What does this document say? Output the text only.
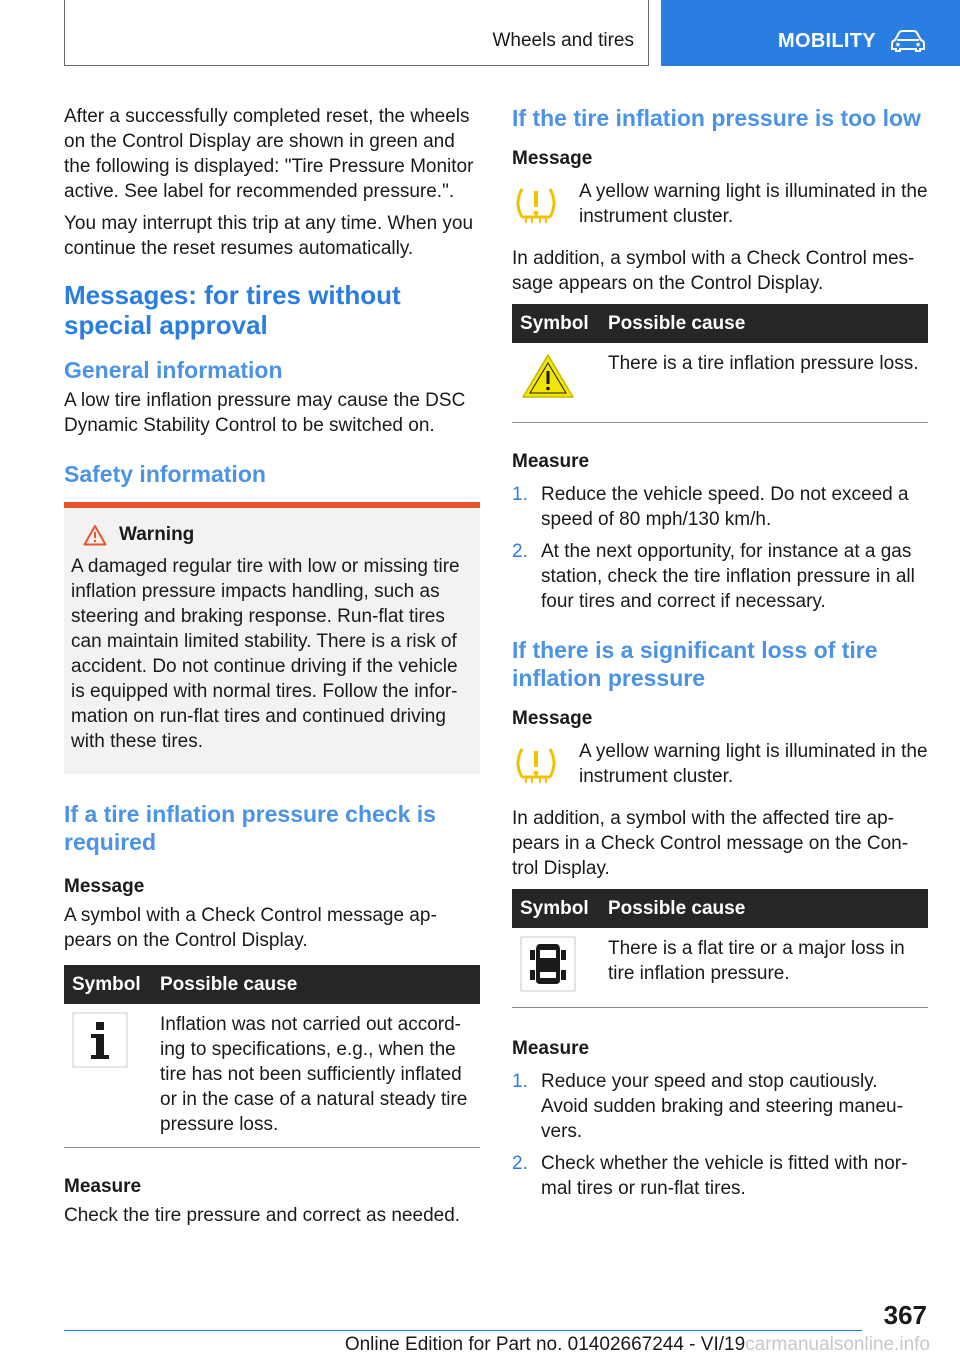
Wheels and tires	MOBILITY

After a successfully completed reset, the wheels on the Control Display are shown in green and the following is displayed: "Tire Pressure Monitor active. See label for recommended pressure.".

You may interrupt this trip at any time. When you continue the reset resumes automatically.

Messages: for tires without special approval
General information

A low tire inflation pressure may cause the DSC Dynamic Stability Control to be switched on.

Safety information
Warning

A damaged regular tire with low or missing tire inflation pressure impacts handling, such as steering and braking response. Run-flat tires can maintain limited stability. There is a risk of accident. Do not continue driving if the vehicle is equipped with normal tires. Follow the infor-mation on run-flat tires and continued driving with these tires.

If a tire inflation pressure check is required

Message

A symbol with a Check Control message ap-pears on the Control Display.

Symbol	Possible cause
Inflation was not carried out accord-ing to specifications, e.g., when the tire has not been sufficiently inflated or in the case of a natural steady tire pressure loss.

Measure

Check the tire pressure and correct as needed.

If the tire inflation pressure is too low

Message

A yellow warning light is illuminated in the instrument cluster.

In addition, a symbol with a Check Control mes-sage appears on the Control Display.

Symbol	Possible cause
There is a tire inflation pressure loss.

Measure

1. Reduce the vehicle speed. Do not exceed a speed of 80 mph/130 km/h.
2. At the next opportunity, for instance at a gas station, check the tire inflation pressure in all four tires and correct if necessary.
If there is a significant loss of tire inflation pressure

Message

A yellow warning light is illuminated in the instrument cluster.

In addition, a symbol with the affected tire ap-pears in a Check Control message on the Con-trol Display.

Symbol	Possible cause
There is a flat tire or a major loss in tire inflation pressure.

Measure

1. Reduce your speed and stop cautiously. Avoid sudden braking and steering maneu-vers.
2. Check whether the vehicle is fitted with nor-mal tires or run-flat tires.
367
Online Edition for Part no. 01402667244 - VI/19carmanualsonline.info
